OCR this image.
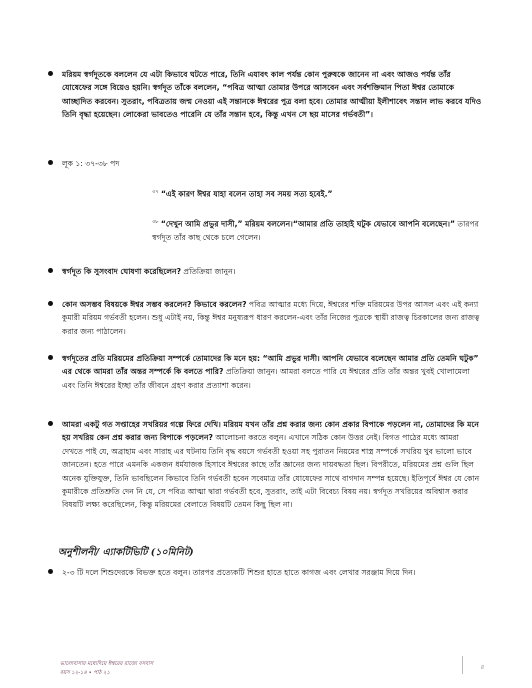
মরিয়ম স্বর্গদূতকে বললেন যে এটা কিভাবে ঘটতে পারে, তিনি এযাবৎ কাল পর্যন্ত কোন পুরুষকে জানেন না এবং আজও পর্যন্ত তাঁর যোষেফের সঙ্গে বিয়েও হয়নি। স্বর্গদূত তাঁকে বললেন, “পবিত্র আত্মা তোমার উপরে আসবেন এবং সর্বশক্তিমান পিতা ঈশ্বর তোমাকে আচ্ছাদিত করবেন। সুতরাং, পবিত্রতায় জন্ম নেওয়া এই সন্তানকে ঈশ্বরের পুত্র বলা হবে। তোমার আত্মীয়া ইলীশাবেৎ সন্তান লাভ করবে যদিও তিনি বৃদ্ধা হয়েছেন। লোকেরা ভাবতেও পারেনি যে তাঁর সন্তান হবে, কিন্তু এখন সে ছয় মাসের গর্ভবতী”।

লূক ১: ৩৭-৩৮ পদ

$^{৩৭}$ “এই কারণ ঈশ্বর যাহা বলেন তাহা সব সময় সত্য হবেই.”
$^{৩৮}$ “দেখুন আমি প্রভুর দাসী,” মরিয়ম বললেন।“আমার প্রতি তাহাই ঘটুক যেভাবে আপনি বলেছেন।” তারপর স্বর্গদূত তাঁর কাছ থেকে চলে গেলেন।

স্বর্গদূত কি সুসংবাদ ঘোষণা করেছিলেন? প্রতিক্রিয়া জানুন।

কোন অসম্ভব বিষয়কে ঈশ্বর সম্ভব করলেন? কিভাবে করলেন? পবিত্র আত্মার মধ্যে দিয়ে, ঈশ্বরের শক্তি মরিয়মের উপর আসল এবং এই কন্যা কুমারী মরিয়ম গর্ভবতী হলেন। শুধু এটাই নয়, কিন্তু ঈশ্বর মনুষ্যরূপ ধারণ করলেন-এবং তাঁর নিজের পুত্রকে স্থায়ী রাজত্ব চিরকালের জন্য রাজত্ব করার জন্য পাঠালেন।

স্বর্গদূতের প্রতি মরিয়মের প্রতিক্রিয়া সম্পর্কে তোমাদের কি মনে হয়: “আমি প্রভুর দাসী। আপনি যেভাবে বলেছেন আমার প্রতি তেমনি ঘটুক” এর থেকে আমরা তাঁর অন্তর সম্পর্কে কি বলতে পারি? প্রতিক্রিয়া জানুন। আমরা বলতে পারি যে ঈশ্বরের প্রতি তাঁর অন্তর খুবই খোলামেলা এবং তিনি ঈশ্বরের ইচ্ছা তাঁর জীবনে গ্রহণ করার প্রত্যাশা করেন।

আমরা একটু গত সপ্তাহের সখরিয়র গল্পে ফিরে দেখি। মরিয়ম যখন তাঁর প্রশ্ন করার জন্য কোন প্রকার বিপাকে পড়লেন না, তোমাদের কি মনে হয় সখরিয় কেন প্রশ্ন করার জন্য বিপাকে পড়লেন? আলোচনা করতে বলুন। এখানে সঠিক কোন উত্তর নেই। বিগত পাঠের মধ্যে আমরা দেখতে পাই যে, অব্রাহাম এবং সারাহ এর ঘটনায় তিনি বৃদ্ধ বয়সে গর্ভবতী হওয়া সহ পুরাতন নিয়মের শাস্ত্র সম্পর্কে সখরিয় খুব ভালো ভাবে জানতেন। হতে পারে এমনকি একজন ধর্মযাজক হিসাবে ঈশ্বরের কাছে তাঁর জ্ঞানের জন্য দায়বদ্ধতা ছিল। বিপরীতে, মরিয়মের প্রশ্ন গুলি ছিল অনেক যুক্তিযুক্ত, তিনি ভাবছিলেন কিভাবে তিনি গর্ভবতী হবেন সবেমাত্র তাঁর যোষেফের সাথে বাগদান সম্পন্ন হয়েছে। ইতিপূর্বে ঈশ্বর যে কোন কুমারীকে প্রতিশ্রুতি দেন নি যে, সে পবিত্র আত্মা দ্বারা গর্ভবতী হবে, সুতরাং, তাই এটা বিবেচ্য বিষয় নয়। স্বর্গদূত সখরিয়ের অবিশ্বাস করার বিষয়টি লক্ষ্য করেছিলেন, কিন্তু মরিয়মের বেলাতে বিষয়টি তেমন কিছু ছিল না।

অনুশীলনী/ এ্যাকটিভিটি (১০মিনিট)

২-৩ টি দলে শিশুদেরকে বিভক্ত হতে বলুন। তারপর প্রত্যেকটি শিশুর হাতে হাতে কাগজ এবং লেখার সরঞ্জাম দিয়ে দিন।

ভালোবাসার মধ্যেদিয়ে ঈশ্বরের রাজ্যে বসবাস
বয়স ১২-১৪ • পাঠ ২১
৪
